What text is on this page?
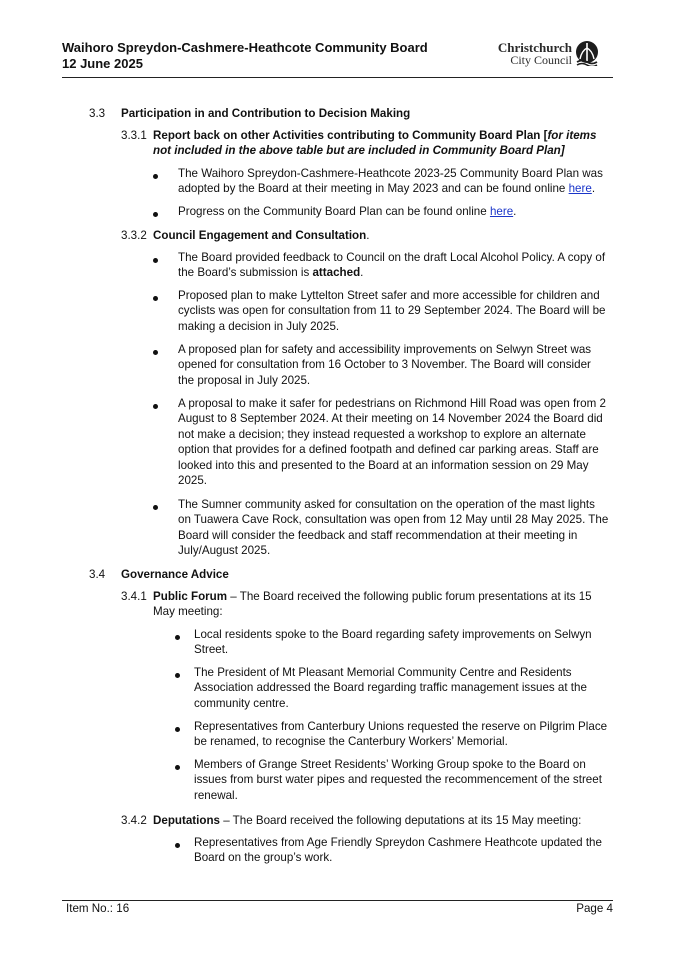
Waihoro Spreydon-Cashmere-Heathcote Community Board
12 June 2025
Christchurch
City Council
3.3 Participation in and Contribution to Decision Making
3.3.1 Report back on other Activities contributing to Community Board Plan [for items
not included in the above table but are included in Community Board Plan]
The Waihoro Spreydon-Cashmere-Heathcote 2023-25 Community Board Plan was
adopted by the Board at their meeting in May 2023 and can be found online here.
Progress on the Community Board Plan can be found online here.
3.3.2 Council Engagement and Consultation.
The Board provided feedback to Council on the draft Local Alcohol Policy. A copy of
the Board’s submission is attached.
Proposed plan to make Lyttelton Street safer and more accessible for children and
cyclists was open for consultation from 11 to 29 September 2024. The Board will be
making a decision in July 2025.
A proposed plan for safety and accessibility improvements on Selwyn Street was
opened for consultation from 16 October to 3 November. The Board will consider
the proposal in July 2025.
A proposal to make it safer for pedestrians on Richmond Hill Road was open from 2
August to 8 September 2024. At their meeting on 14 November 2024 the Board did
not make a decision; they instead requested a workshop to explore an alternate
option that provides for a defined footpath and defined car parking areas. Staff are
looked into this and presented to the Board at an information session on 29 May
2025.
The Sumner community asked for consultation on the operation of the mast lights
on Tuawera Cave Rock, consultation was open from 12 May until 28 May 2025. The
Board will consider the feedback and staff recommendation at their meeting in
July/August 2025.
3.4 Governance Advice
3.4.1 Public Forum – The Board received the following public forum presentations at its 15
May meeting:
Local residents spoke to the Board regarding safety improvements on Selwyn
Street.
The President of Mt Pleasant Memorial Community Centre and Residents
Association addressed the Board regarding traffic management issues at the
community centre.
Representatives from Canterbury Unions requested the reserve on Pilgrim Place
be renamed, to recognise the Canterbury Workers’ Memorial.
Members of Grange Street Residents’ Working Group spoke to the Board on
issues from burst water pipes and requested the recommencement of the street
renewal.
3.4.2 Deputations – The Board received the following deputations at its 15 May meeting:
Representatives from Age Friendly Spreydon Cashmere Heathcote updated the
Board on the group’s work.
Item No.: 16	Page 4
